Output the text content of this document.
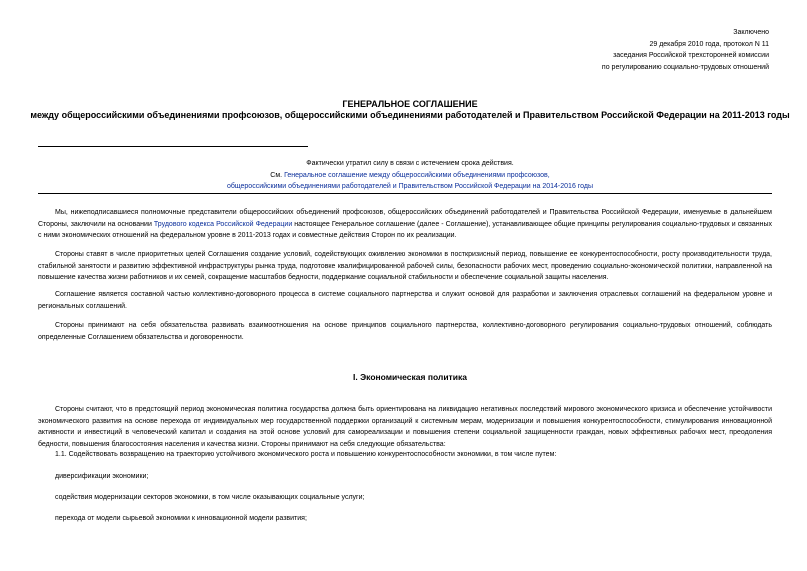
Заключено
29 декабря 2010 года, протокол N 11
заседания Российской трехсторонней комиссии
по регулированию социально-трудовых отношений
ГЕНЕРАЛЬНОЕ СОГЛАШЕНИЕ
между общероссийскими объединениями профсоюзов, общероссийскими объединениями работодателей и Правительством Российской Федерации на 2011-2013 годы
Фактически утратил силу в связи с истечением срока действия.
См. Генеральное соглашение между общероссийскими объединениями профсоюзов,
общероссийскими объединениями работодателей и Правительством Российской Федерации на 2014-2016 годы
Мы, нижеподписавшиеся полномочные представители общероссийских объединений профсоюзов, общероссийских объединений работодателей и Правительства Российской Федерации, именуемые в дальнейшем Стороны, заключили на основании Трудового кодекса Российской Федерации настоящее Генеральное соглашение (далее - Соглашение), устанавливающее общие принципы регулирования социально-трудовых и связанных с ними экономических отношений на федеральном уровне в 2011-2013 годах и совместные действия Сторон по их реализации.
Стороны ставят в числе приоритетных целей Соглашения создание условий, содействующих оживлению экономики в посткризисный период, повышение ее конкурентоспособности, росту производительности труда, стабильной занятости и развитию эффективной инфраструктуры рынка труда, подготовке квалифицированной рабочей силы, безопасности рабочих мест, проведению социально-экономической политики, направленной на повышение качества жизни работников и их семей, сокращение масштабов бедности, поддержание социальной стабильности и обеспечение социальной защиты населения.
Соглашение является составной частью коллективно-договорного процесса в системе социального партнерства и служит основой для разработки и заключения отраслевых соглашений на федеральном уровне и региональных соглашений.
Стороны принимают на себя обязательства развивать взаимоотношения на основе принципов социального партнерства, коллективно-договорного регулирования социально-трудовых отношений, соблюдать определенные Соглашением обязательства и договоренности.
I. Экономическая политика
Стороны считают, что в предстоящий период экономическая политика государства должна быть ориентирована на ликвидацию негативных последствий мирового экономического кризиса и обеспечение устойчивости экономического развития на основе перехода от индивидуальных мер государственной поддержки организаций к системным мерам, модернизации и повышения конкурентоспособности, стимулирования инновационной активности и инвестиций в человеческий капитал и создания на этой основе условий для самореализации и повышения степени социальной защищенности граждан, новых эффективных рабочих мест, преодоления бедности, повышения благосостояния населения и качества жизни. Стороны принимают на себя следующие обязательства:
1.1. Содействовать возвращению на траекторию устойчивого экономического роста и повышению конкурентоспособности экономики, в том числе путем:
диверсификации экономики;
содействия модернизации секторов экономики, в том числе оказывающих социальные услуги;
перехода от модели сырьевой экономики к инновационной модели развития;
